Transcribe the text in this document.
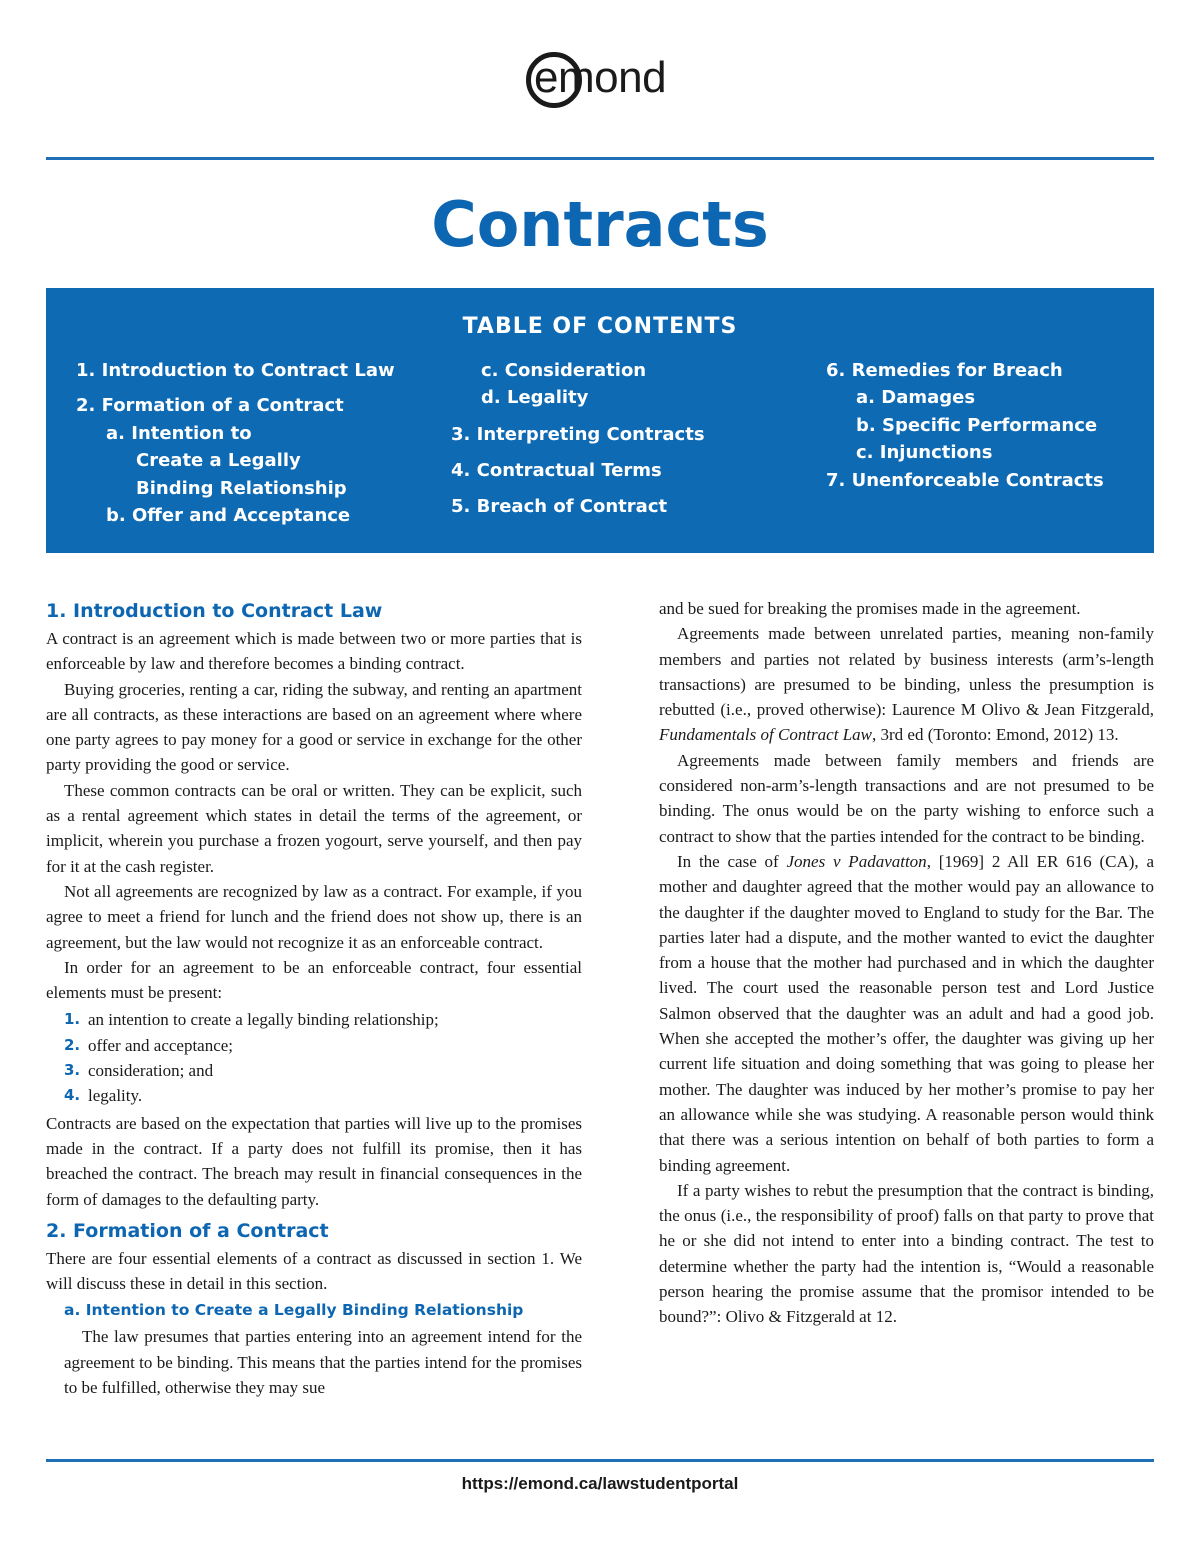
emond
Contracts
TABLE OF CONTENTS
1. Introduction to Contract Law
2. Formation of a Contract
a. Intention to
Create a Legally
Binding Relationship
b. Offer and Acceptance
c. Consideration
d. Legality
3. Interpreting Contracts
4. Contractual Terms
5. Breach of Contract
6. Remedies for Breach
a. Damages
b. Specific Performance
c. Injunctions
7. Unenforceable Contracts
1. Introduction to Contract Law

A contract is an agreement which is made between two or more parties that is enforceable by law and therefore becomes a binding contract.

Buying groceries, renting a car, riding the subway, and renting an apartment are all contracts, as these interactions are based on an agreement where where one party agrees to pay money for a good or service in exchange for the other party providing the good or service.

These common contracts can be oral or written. They can be explicit, such as a rental agreement which states in detail the terms of the agreement, or implicit, wherein you purchase a frozen yogourt, serve yourself, and then pay for it at the cash register.

Not all agreements are recognized by law as a contract. For example, if you agree to meet a friend for lunch and the friend does not show up, there is an agreement, but the law would not recognize it as an enforceable contract.

In order for an agreement to be an enforceable contract, four essential elements must be present:

1. an intention to create a legally binding relationship;
2. offer and acceptance;
3. consideration; and
4. legality.

Contracts are based on the expectation that parties will live up to the promises made in the contract. If a party does not fulfill its promise, then it has breached the contract. The breach may result in financial consequences in the form of damages to the defaulting party.

2. Formation of a Contract

There are four essential elements of a contract as discussed in section 1. We will discuss these in detail in this section.

a. Intention to Create a Legally Binding Relationship

The law presumes that parties entering into an agreement intend for the agreement to be binding. This means that the parties intend for the promises to be fulfilled, otherwise they may sue

and be sued for breaking the promises made in the agreement.

Agreements made between unrelated parties, meaning non-family members and parties not related by business interests (arm’s-length transactions) are presumed to be binding, unless the presumption is rebutted (i.e., proved otherwise): Laurence M Olivo & Jean Fitzgerald, Fundamentals of Contract Law, 3rd ed (Toronto: Emond, 2012) 13.

Agreements made between family members and friends are considered non-arm’s-length transactions and are not presumed to be binding. The onus would be on the party wishing to enforce such a contract to show that the parties intended for the contract to be binding.

In the case of Jones v Padavatton, [1969] 2 All ER 616 (CA), a mother and daughter agreed that the mother would pay an allowance to the daughter if the daughter moved to England to study for the Bar. The parties later had a dispute, and the mother wanted to evict the daughter from a house that the mother had purchased and in which the daughter lived. The court used the reasonable person test and Lord Justice Salmon observed that the daughter was an adult and had a good job. When she accepted the mother’s offer, the daughter was giving up her current life situation and doing something that was going to please her mother. The daughter was induced by her mother’s promise to pay her an allowance while she was studying. A reasonable person would think that there was a serious intention on behalf of both parties to form a binding agreement.

If a party wishes to rebut the presumption that the contract is binding, the onus (i.e., the responsibility of proof) falls on that party to prove that he or she did not intend to enter into a binding contract. The test to determine whether the party had the intention is, “Would a reasonable person hearing the promise assume that the promisor intended to be bound?”: Olivo & Fitzgerald at 12.

https://emond.ca/lawstudentportal
